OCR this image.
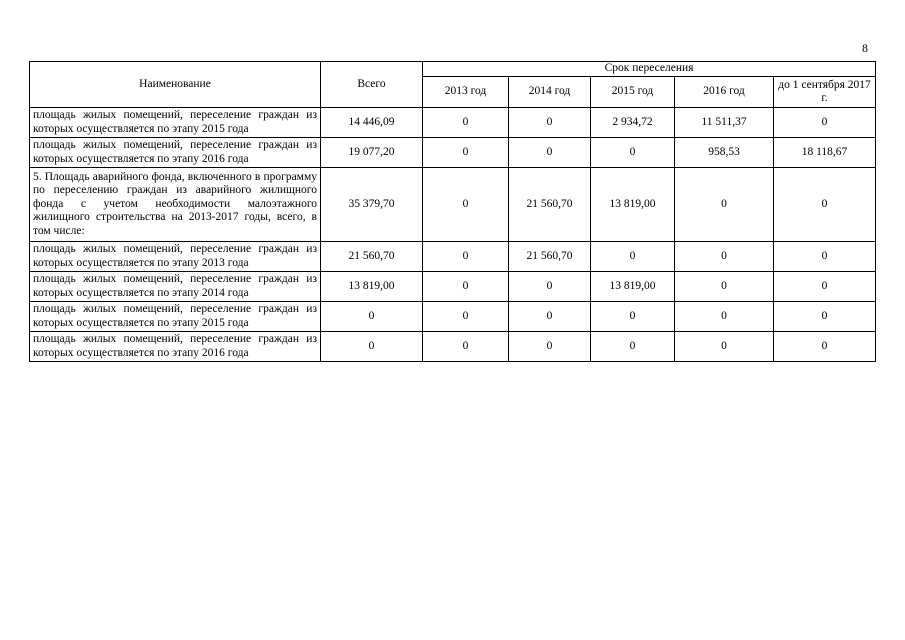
8
Наименование	Всего	Срок переселения				
		2013 год	2014 год	2015 год	2016 год	до 1 сентября 2017 г.
площадь жилых помещений, переселение граждан из которых осуществляется по этапу 2015 года	14 446,09	0	0	2 934,72	11 511,37	0
площадь жилых помещений, переселение граждан из которых осуществляется по этапу 2016 года	19 077,20	0	0	0	958,53	18 118,67
5. Площадь аварийного фонда, включенного в программу по переселению граждан из аварийного жилищного фонда с учетом необходимости малоэтажного жилищного строительства на 2013-2017 годы, всего, в том числе:	35 379,70	0	21 560,70	13 819,00	0	0
площадь жилых помещений, переселение граждан из которых осуществляется по этапу 2013 года	21 560,70	0	21 560,70	0	0	0
площадь жилых помещений, переселение граждан из которых осуществляется по этапу 2014 года	13 819,00	0	0	13 819,00	0	0
площадь жилых помещений, переселение граждан из которых осуществляется по этапу 2015 года	0	0	0	0	0	0
площадь жилых помещений, переселение граждан из которых осуществляется по этапу 2016 года	0	0	0	0	0	0
